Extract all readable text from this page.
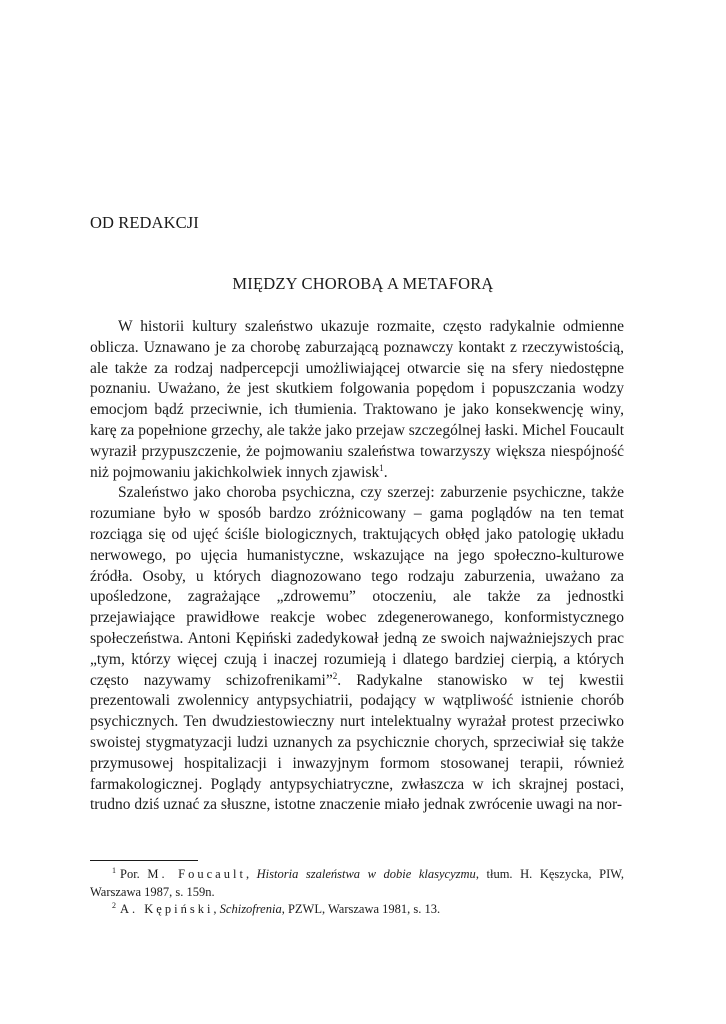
OD REDAKCJI
MIĘDZY CHOROBĄ A METAFORĄ

W historii kultury szaleństwo ukazuje rozmaite, często radykalnie odmienne oblicza. Uznawano je za chorobę zaburzającą poznawczy kontakt z rzeczywistością, ale także za rodzaj nadpercepcji umożliwiającej otwarcie się na sfery niedostępne poznaniu. Uważano, że jest skutkiem folgowania popędom i popuszczania wodzy emocjom bądź przeciwnie, ich tłumienia. Traktowano je jako konsekwencję winy, karę za popełnione grzechy, ale także jako przejaw szczególnej łaski. Michel Foucault wyraził przypuszczenie, że pojmowaniu szaleństwa towarzyszy większa niespójność niż pojmowaniu jakichkolwiek innych zjawisk$^1$.

Szaleństwo jako choroba psychiczna, czy szerzej: zaburzenie psychiczne, także rozumiane było w sposób bardzo zróżnicowany – gama poglądów na ten temat rozciąga się od ujęć ściśle biologicznych, traktujących obłęd jako patologię układu nerwowego, po ujęcia humanistyczne, wskazujące na jego społeczno-kulturowe źródła. Osoby, u których diagnozowano tego rodzaju zaburzenia, uważano za upośledzone, zagrażające „zdrowemu” otoczeniu, ale także za jednostki przejawiające prawidłowe reakcje wobec zdegenerowanego, konformistycznego społeczeństwa. Antoni Kępiński zadedykował jedną ze swoich najważniejszych prac „tym, którzy więcej czują i inaczej rozumieją i dlatego bardziej cierpią, a których często nazywamy schizofrenikami”$^2$. Radykalne stanowisko w tej kwestii prezentowali zwolennicy antypsychiatrii, podający w wątpliwość istnienie chorób psychicznych. Ten dwudziestowieczny nurt intelektualny wyrażał protest przeciwko swoistej stygmatyzacji ludzi uznanych za psychicznie chorych, sprzeciwiał się także przymusowej hospitalizacji i inwazyjnym formom stosowanej terapii, również farmakologicznej. Poglądy antypsychiatryczne, zwłaszcza w ich skrajnej postaci, trudno dziś uznać za słuszne, istotne znaczenie miało jednak zwrócenie uwagi na nor-

$^1$ Por. M. Foucault, Historia szaleństwa w dobie klasycyzmu, tłum. H. Kęszycka, PIW, Warszawa 1987, s. 159n.

$^2$ A. Kępiński, Schizofrenia, PZWL, Warszawa 1981, s. 13.
